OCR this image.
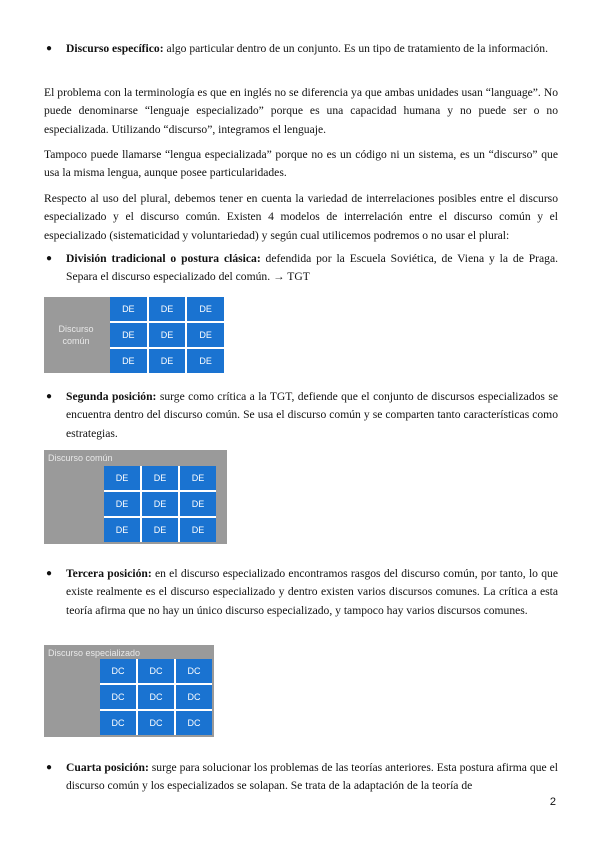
● Discurso específico: algo particular dentro de un conjunto. Es un tipo de tratamiento de la información.

El problema con la terminología es que en inglés no se diferencia ya que ambas unidades usan “language”. No puede denominarse “lenguaje especializado” porque es una capacidad humana y no puede ser o no especializada. Utilizando “discurso”, integramos el lenguaje.

Tampoco puede llamarse “lengua especializada” porque no es un código ni un sistema, es un “discurso” que usa la misma lengua, aunque posee particularidades.

Respecto al uso del plural, debemos tener en cuenta la variedad de interrelaciones posibles entre el discurso especializado y el discurso común. Existen 4 modelos de interrelación entre el discurso común y el especializado (sistematicidad y voluntariedad) y según cual utilicemos podremos o no usar el plural:

● División tradicional o postura clásica: defendida por la Escuela Soviética, de Viena y la de Praga. Separa el discurso especializado del común. → TGT
Discurso común
DE	DE	DE
DE	DE	DE
DE	DE	DE
● Segunda posición: surge como crítica a la TGT, defiende que el conjunto de discursos especializados se encuentra dentro del discurso común. Se usa el discurso común y se comparten tanto características como estrategias.
Discurso común
DE	DE	DE
DE	DE	DE
DE	DE	DE
● Tercera posición: en el discurso especializado encontramos rasgos del discurso común, por tanto, lo que existe realmente es el discurso especializado y dentro existen varios discursos comunes. La crítica a esta teoría afirma que no hay un único discurso especializado, y tampoco hay varios discursos comunes.
Discurso especializado
DC	DC	DC
DC	DC	DC
DC	DC	DC
● Cuarta posición: surge para solucionar los problemas de las teorías anteriores. Esta postura afirma que el discurso común y los especializados se solapan. Se trata de la adaptación de la teoría de
2
